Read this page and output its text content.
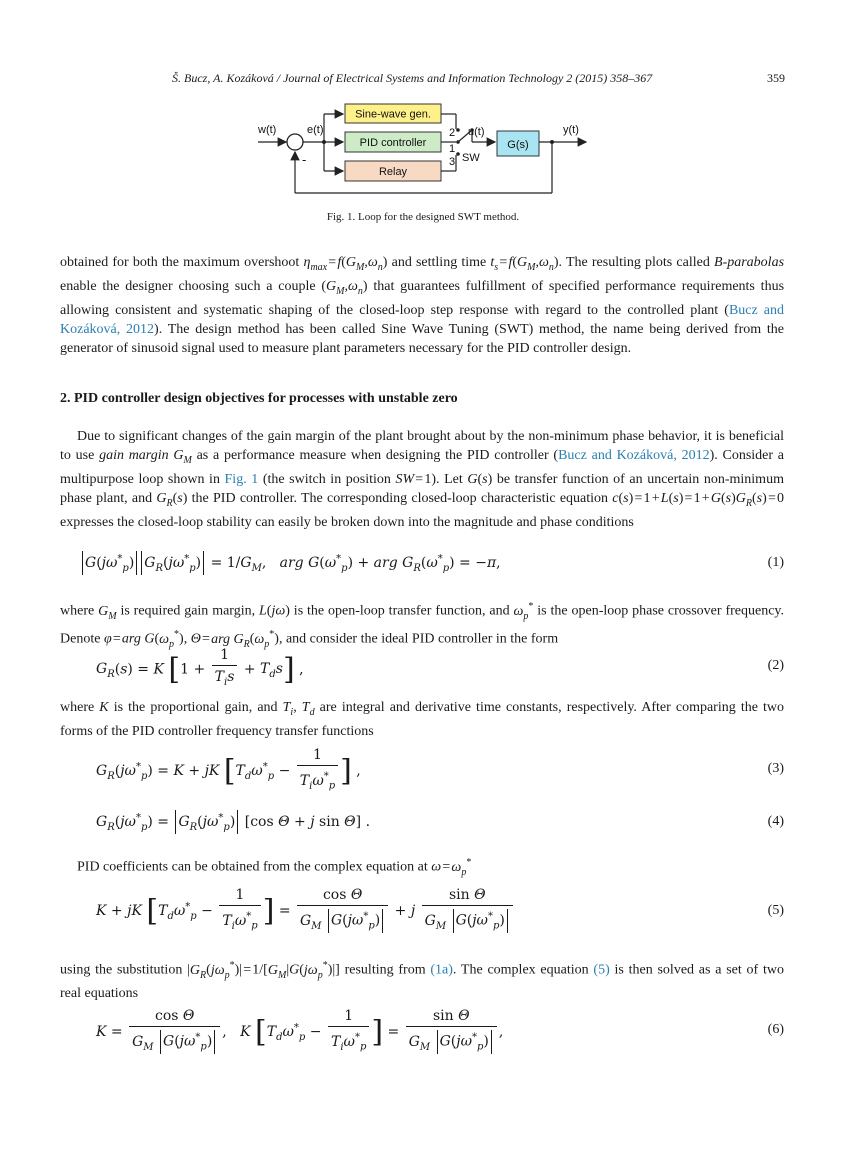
Š. Bucz, A. Kozáková / Journal of Electrical Systems and Information Technology 2 (2015) 358–367	359
w(t)	e(t)
Sine-wave gen.
PID controller
Relay
2
1
3 SW
u(t)
G(s)
y(t)
-
Fig. 1. Loop for the designed SWT method.

obtained for both the maximum overshoot $\eta_{max}$ = $f(G_M,\omega_n)$ and settling time $t_s$ = $f(G_M,\omega_n)$. The resulting plots called B-parabolas enable the designer choosing such a couple $(G_M,\omega_n)$ that guarantees fulfillment of specified performance requirements thus allowing consistent and systematic shaping of the closed-loop step response with regard to the controlled plant (Bucz and Kozáková, 2012). The design method has been called Sine Wave Tuning (SWT) method, the name being derived from the generator of sinusoid signal used to measure plant parameters necessary for the PID controller design.

2. PID controller design objectives for processes with unstable zero

Due to significant changes of the gain margin of the plant brought about by the non-minimum phase behavior, it is beneficial to use gain margin $G_M$ as a performance measure when designing the PID controller (Bucz and Kozáková, 2012). Consider a multipurpose loop shown in Fig. 1 (the switch in position SW = 1). Let G(s) be transfer function of an uncertain non-minimum phase plant, and $G_R(s)$ the PID controller. The corresponding closed-loop characteristic equation c(s) = 1 + L(s) = 1 + $G(s)G_R(s)$ = 0 expresses the closed-loop stability can easily be broken down into the magnitude and phase conditions

$G(j\omega^*_p) G_R(j\omega^*_p) = 1/G_M$,   arg $G(\omega^*_p)$ + arg $G_R(\omega^*_p) = -\pi$,	(1)

where $G_M$ is required gain margin, L(jω) is the open-loop transfer function, and $\omega_p^*$ is the open-loop phase crossover frequency. Denote φ = arg $G(\omega_p^*)$, Θ = arg $G_R(\omega_p^*)$, and consider the ideal PID controller in the form

$G_R(s) = K$ $[1 + \frac{1}{T_is} + T_ds]$ ,	(2)

where K is the proportional gain, and $T_i$, $T_d$ are integral and derivative time constants, respectively. After comparing the two forms of the PID controller frequency transfer functions

$G_R(j\omega^*_p) = K$ + jK [$T_d\omega^*_p - \frac{1}{T_i\omega^*_p}$ ] ,	(3)
$G_R(j\omega^*_p) = G_R(j\omega^*_p)$ [cos Θ + j sin Θ] .	(4)

PID coefficients can be obtained from the complex equation at ω = $\omega_p^*$

K + jK [$T_d\omega^*_p - \frac{1}{T_i\omega^*_p}$ ] = $\frac{\text{cos Θ}}{G_M G(j\omega^*_p)} + j \frac{\text{sin Θ}}{G_M G(j\omega^*_p)}$	(5)

using the substitution $|G_R(j\omega_p^*)|$ = $1/[G_M|G(j\omega_p^*)|]$ resulting from (1a). The complex equation (5) is then solved as a set of two real equations

$K = \frac{\text{cos Θ}}{G_M G(j\omega^*_p)}$ ,   K [$T_d\omega^*_p - \frac{1}{T_i\omega^*_p}$ ] = $\frac{\text{sin Θ}}{G_M G(j\omega^*_p)}$ ,	(6)
